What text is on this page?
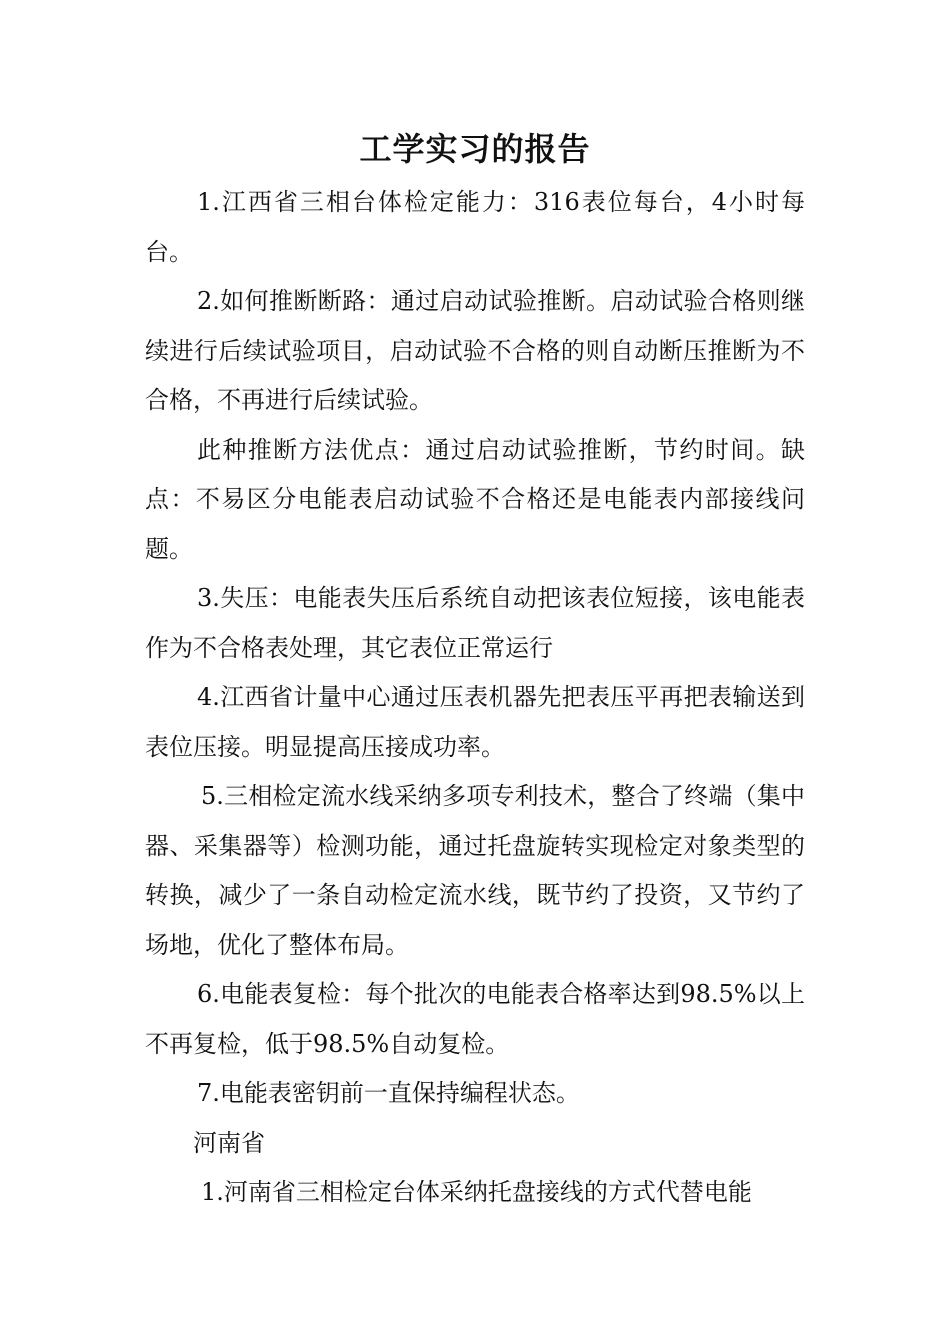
工学实习的报告

1.江西省三相台体检定能力：316表位每台，4小时每台。

2.如何推断断路：通过启动试验推断。启动试验合格则继续进行后续试验项目，启动试验不合格的则自动断压推断为不合格，不再进行后续试验。

此种推断方法优点：通过启动试验推断，节约时间。缺点：不易区分电能表启动试验不合格还是电能表内部接线问题。

3.失压：电能表失压后系统自动把该表位短接，该电能表作为不合格表处理，其它表位正常运行

4.江西省计量中心通过压表机器先把表压平再把表输送到表位压接。明显提高压接成功率。

5.三相检定流水线采纳多项专利技术，整合了终端（集中器、采集器等）检测功能，通过托盘旋转实现检定对象类型的转换，减少了一条自动检定流水线，既节约了投资，又节约了场地，优化了整体布局。

6.电能表复检：每个批次的电能表合格率达到98.5%以上不再复检，低于98.5%自动复检。

7.电能表密钥前一直保持编程状态。

河南省

1.河南省三相检定台体采纳托盘接线的方式代替电能
